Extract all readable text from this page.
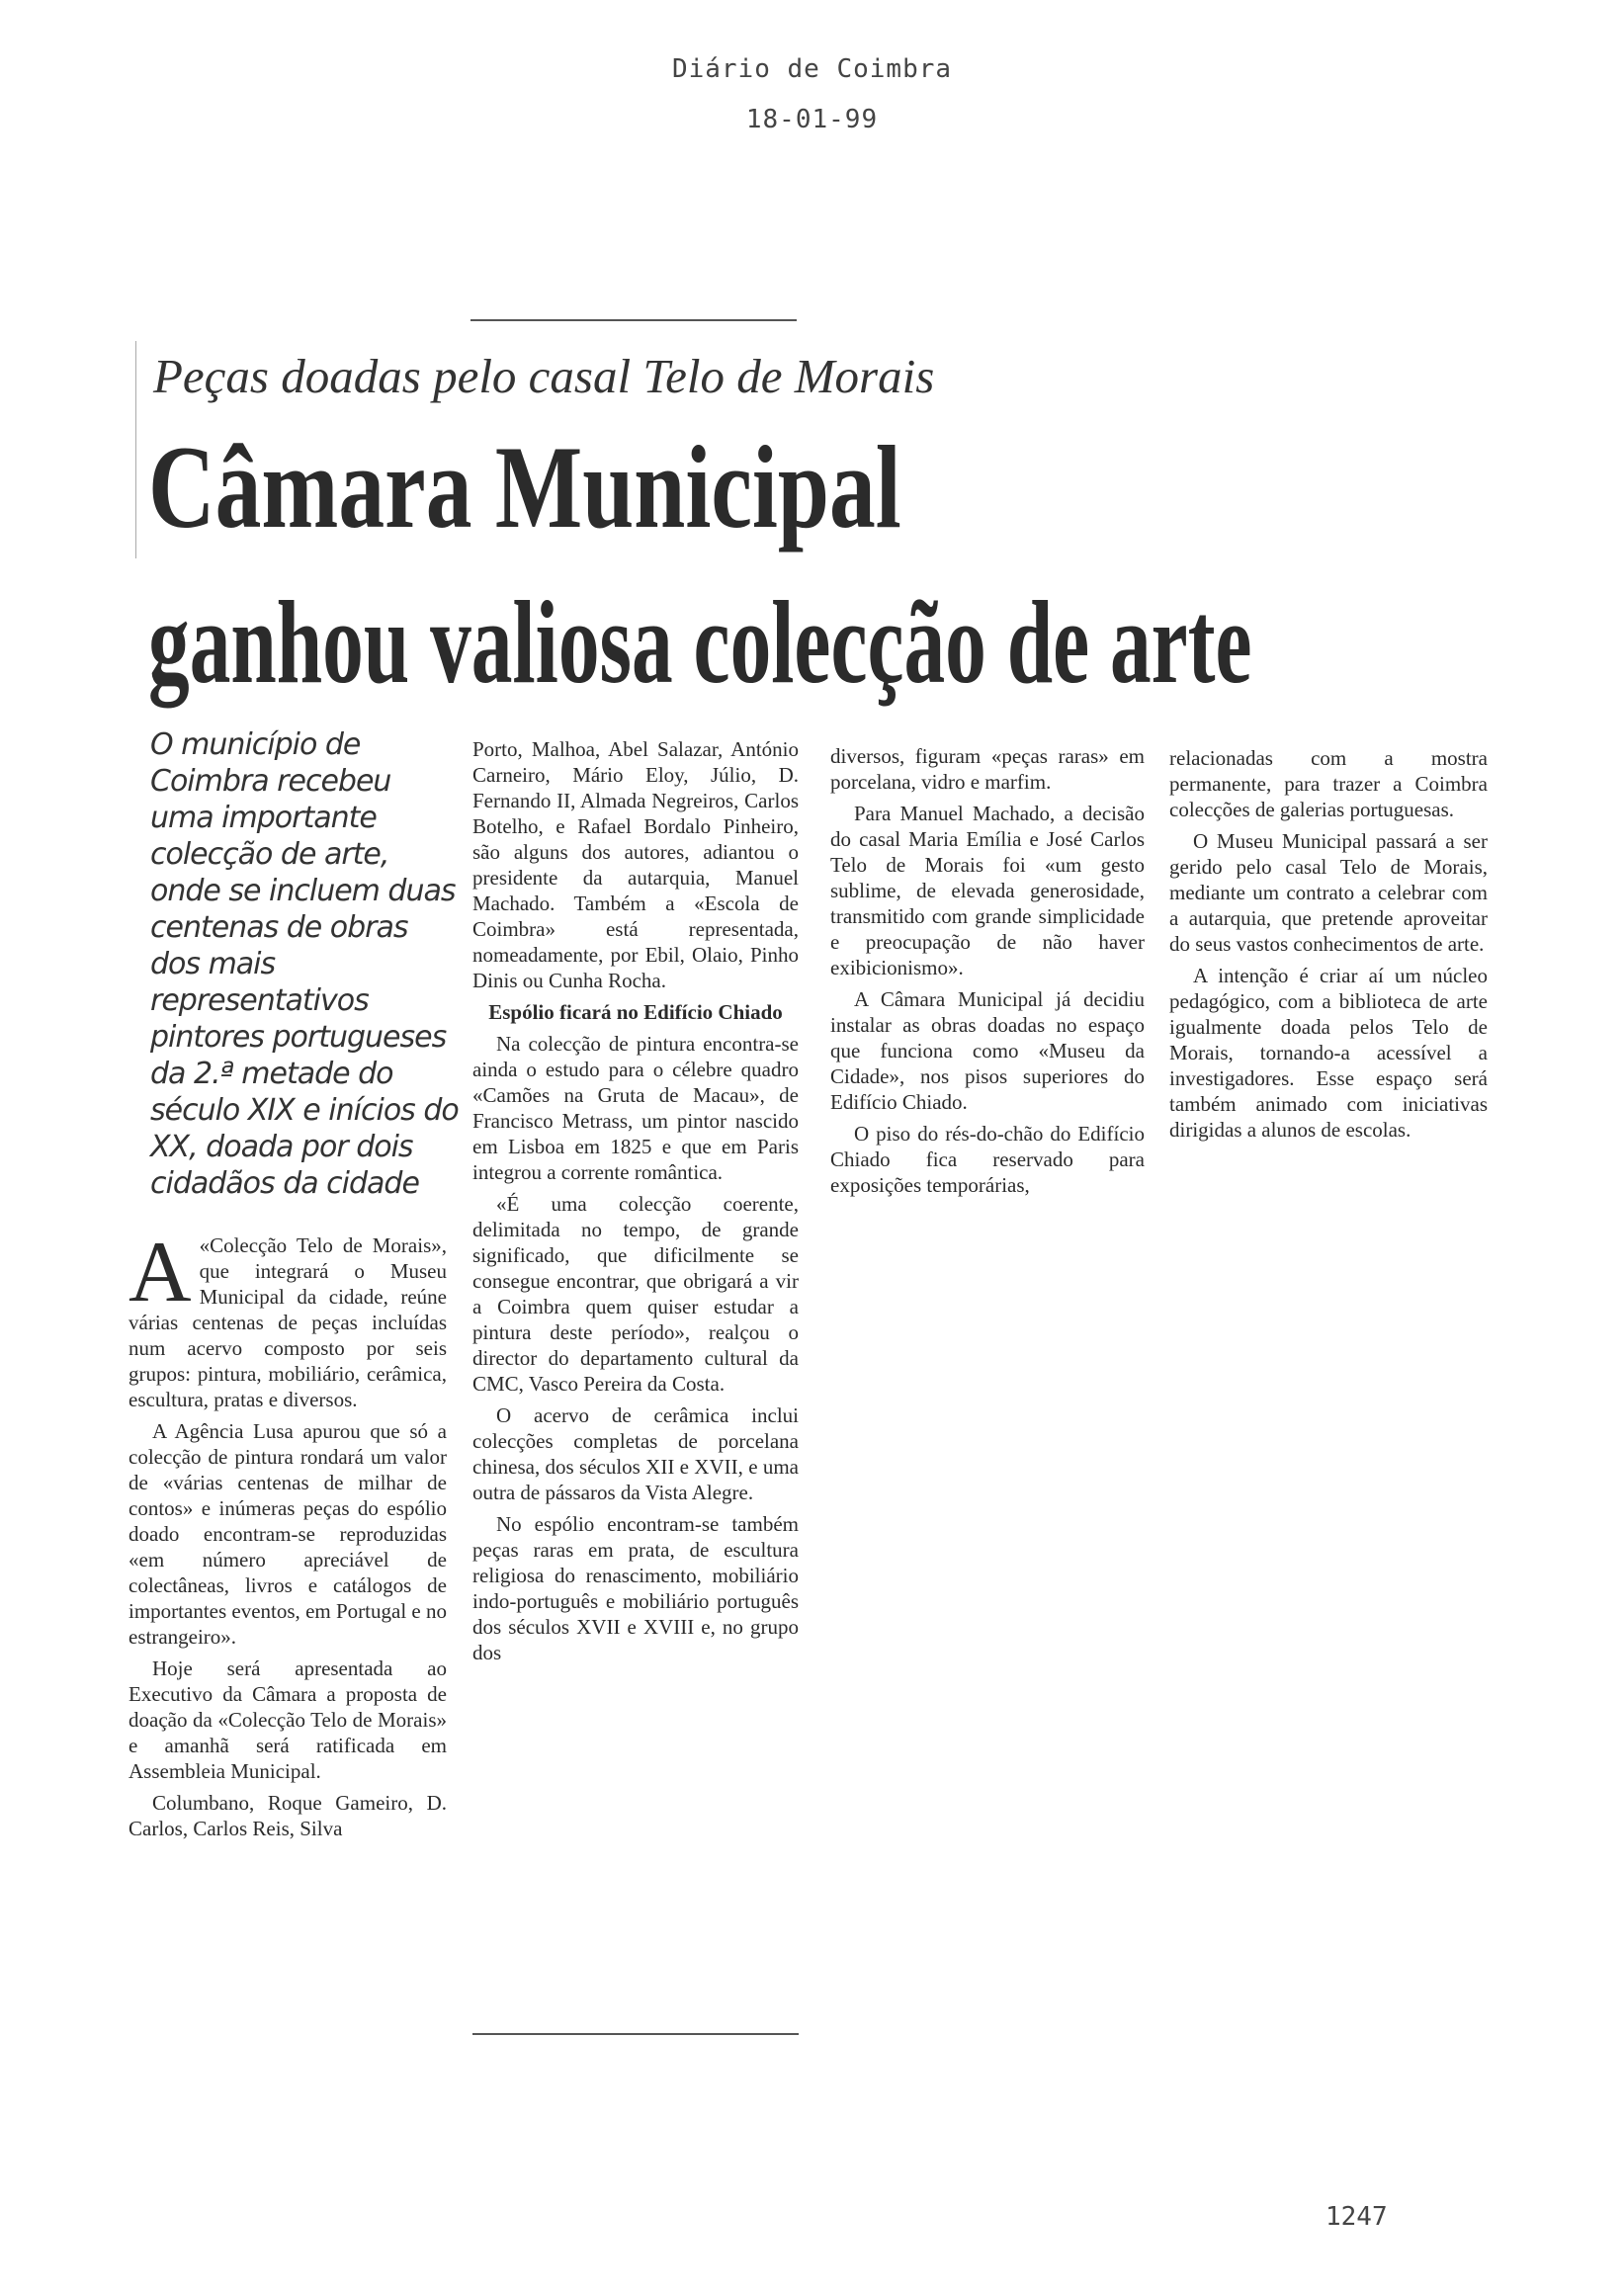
Diário de Coimbra
18-01-99
Peças doadas pelo casal Telo de Morais
Câmara Municipal
ganhou valiosa colecção de arte
O município de Coimbra recebeu uma importante colecção de arte, onde se incluem duas centenas de obras dos mais representativos pintores portugueses da 2.ª metade do século XIX e inícios do XX, doada por dois cidadãos da cidade

A «Colecção Telo de Morais», que integrará o Museu Municipal da cidade, reúne várias centenas de peças incluídas num acervo composto por seis grupos: pintura, mobiliário, cerâmica, escultura, pratas e diversos.

A Agência Lusa apurou que só a colecção de pintura rondará um valor de «várias centenas de milhar de contos» e inúmeras peças do espólio doado encontram-se reproduzidas «em número apreciável de colectâneas, livros e catálogos de importantes eventos, em Portugal e no estrangeiro».

Hoje será apresentada ao Executivo da Câmara a proposta de doação da «Colecção Telo de Morais» e amanhã será ratificada em Assembleia Municipal.

Columbano, Roque Gameiro, D. Carlos, Carlos Reis, Silva

Porto, Malhoa, Abel Salazar, António Carneiro, Mário Eloy, Júlio, D. Fernando II, Almada Negreiros, Carlos Botelho, e Rafael Bordalo Pinheiro, são alguns dos autores, adiantou o presidente da autarquia, Manuel Machado. Também a «Escola de Coimbra» está representada, nomeadamente, por Ebil, Olaio, Pinho Dinis ou Cunha Rocha.

Espólio ficará no Edifício Chiado

Na colecção de pintura encontra-se ainda o estudo para o célebre quadro «Camões na Gruta de Macau», de Francisco Metrass, um pintor nascido em Lisboa em 1825 e que em Paris integrou a corrente romântica.

«É uma colecção coerente, delimitada no tempo, de grande significado, que dificilmente se consegue encontrar, que obrigará a vir a Coimbra quem quiser estudar a pintura deste período», realçou o director do departamento cultural da CMC, Vasco Pereira da Costa.

O acervo de cerâmica inclui colecções completas de porcelana chinesa, dos séculos XII e XVII, e uma outra de pássaros da Vista Alegre.

No espólio encontram-se também peças raras em prata, de escultura religiosa do renascimento, mobiliário indo-português e mobiliário português dos séculos XVII e XVIII e, no grupo dos

diversos, figuram «peças raras» em porcelana, vidro e marfim.

Para Manuel Machado, a decisão do casal Maria Emília e José Carlos Telo de Morais foi «um gesto sublime, de elevada generosidade, transmitido com grande simplicidade e preocupação de não haver exibicionismo».

A Câmara Municipal já decidiu instalar as obras doadas no espaço que funciona como «Museu da Cidade», nos pisos superiores do Edifício Chiado.

O piso do rés-do-chão do Edifício Chiado fica reservado para exposições temporárias,

relacionadas com a mostra permanente, para trazer a Coimbra colecções de galerias portuguesas.

O Museu Municipal passará a ser gerido pelo casal Telo de Morais, mediante um contrato a celebrar com a autarquia, que pretende aproveitar do seus vastos conhecimentos de arte.

A intenção é criar aí um núcleo pedagógico, com a biblioteca de arte igualmente doada pelos Telo de Morais, tornando-a acessível a investigadores. Esse espaço será também animado com iniciativas dirigidas a alunos de escolas.

1247
